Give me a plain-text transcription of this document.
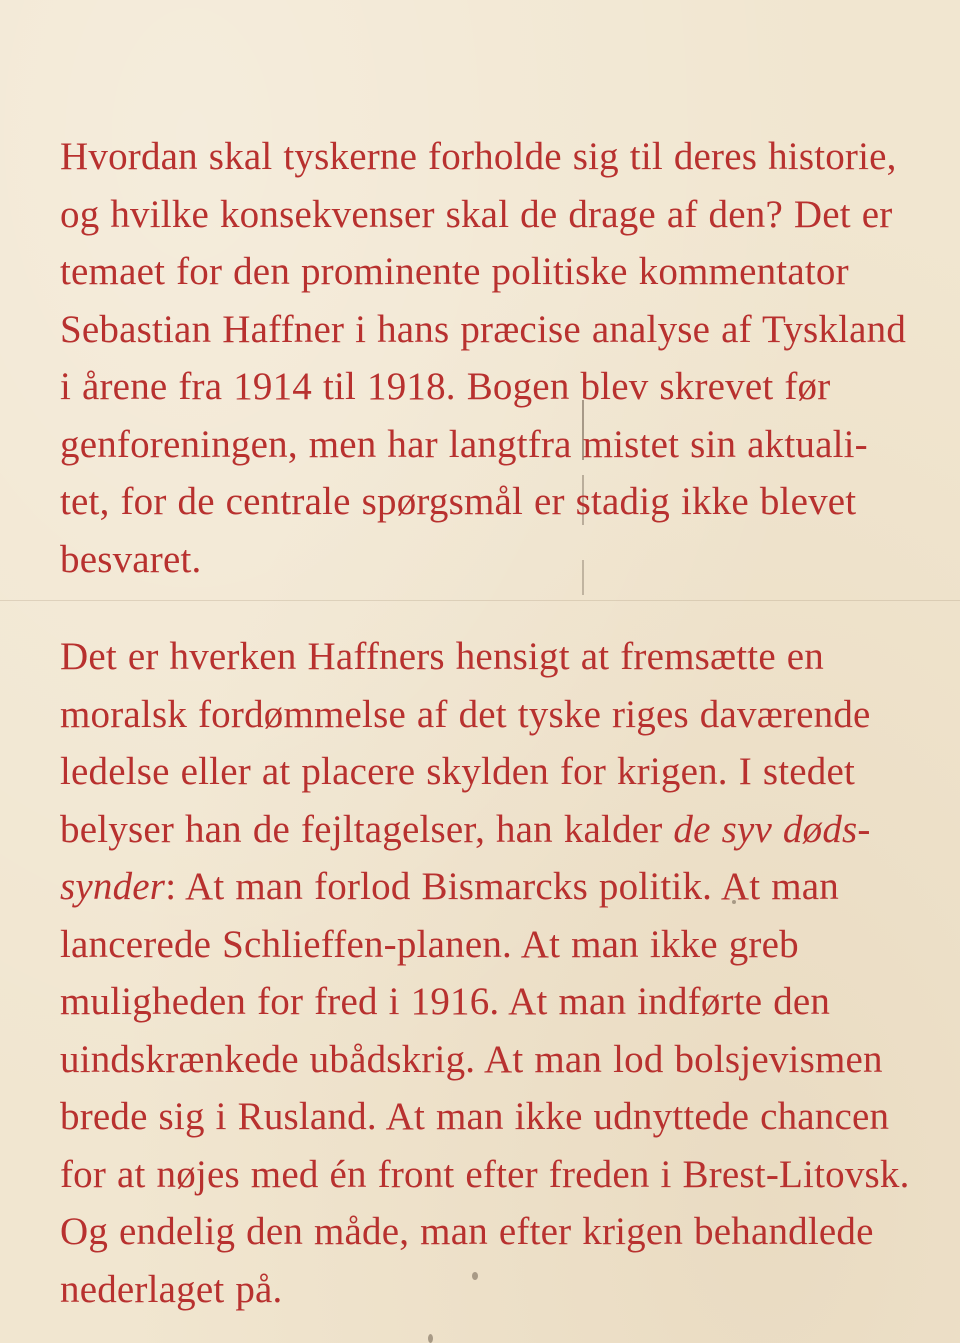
Hvordan skal tyskerne forholde sig til deres historie,
og hvilke konsekvenser skal de drage af den? Det er
temaet for den prominente politiske kommentator
Sebastian Haffner i hans præcise analyse af Tyskland
i årene fra 1914 til 1918. Bogen blev skrevet før
genforeningen, men har langtfra mistet sin aktuali-
tet, for de centrale spørgsmål er stadig ikke blevet
besvaret.

Det er hverken Haffners hensigt at fremsætte en
moralsk fordømmelse af det tyske riges daværende
ledelse eller at placere skylden for krigen. I stedet
belyser han de fejltagelser, han kalder de syv døds-
synder: At man forlod Bismarcks politik. At man
lancerede Schlieffen-planen. At man ikke greb
muligheden for fred i 1916. At man indførte den
uindskrænkede ubådskrig. At man lod bolsjevismen
brede sig i Rusland. At man ikke udnyttede chancen
for at nøjes med én front efter freden i Brest-Litovsk.
Og endelig den måde, man efter krigen behandlede
nederlaget på.
